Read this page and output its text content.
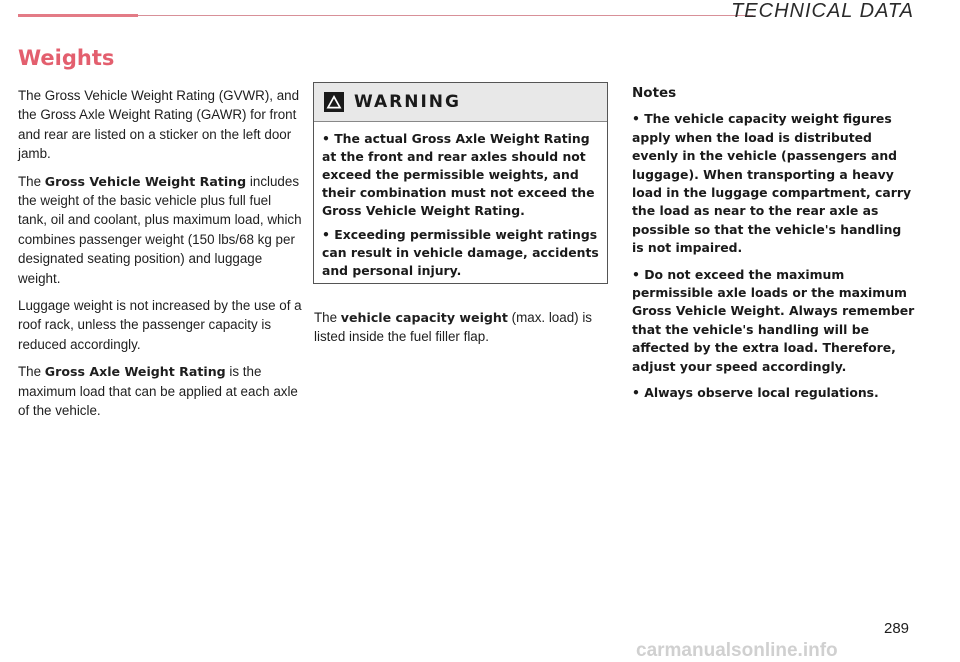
TECHNICAL DATA
Weights

The Gross Vehicle Weight Rating (GVWR), and the Gross Axle Weight Rating (GAWR) for front and rear are listed on a sticker on the left door jamb.

The Gross Vehicle Weight Rating includes the weight of the basic vehicle plus full fuel tank, oil and coolant, plus maximum load, which combines passenger weight (150 lbs/68 kg per designated seating position) and luggage weight.

Luggage weight is not increased by the use of a roof rack, unless the passenger capacity is reduced accordingly.

The Gross Axle Weight Rating is the maximum load that can be applied at each axle of the vehicle.

WARNING

• The actual Gross Axle Weight Rating at the front and rear axles should not exceed the permissible weights, and their combination must not exceed the Gross Vehicle Weight Rating.

• Exceeding permissible weight ratings can result in vehicle damage, accidents and personal injury.

The vehicle capacity weight (max. load) is listed inside the fuel filler flap.

Notes

• The vehicle capacity weight figures apply when the load is distributed evenly in the vehicle (passengers and luggage). When transporting a heavy load in the luggage compartment, carry the load as near to the rear axle as possible so that the vehicle's handling is not impaired.

• Do not exceed the maximum permissible axle loads or the maximum Gross Vehicle Weight. Always remember that the vehicle's handling will be affected by the extra load. Therefore, adjust your speed accordingly.

• Always observe local regulations.

289
carmanualsonline.info
